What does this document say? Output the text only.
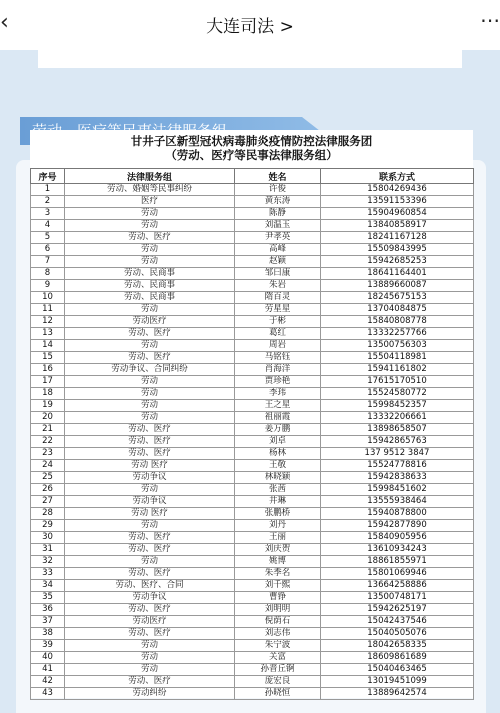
‹	大连司法 >	⋯
甘井子区新型冠状病毒肺炎疫情防控法律服务团
（劳动、医疗等民事法律服务组）
序号	法律服务组	姓名	联系方式
1	劳动、婚姻等民事纠纷	许俊	15804269436
2	医疗	黄东涛	13591153396
3	劳动	陈静	15904960854
4	劳动	刘温玉	13840858917
5	劳动、医疗	尹孝英	18241167128
6	劳动	高峰	15509843995
7	劳动	赵颖	15942685253
8	劳动、民商事	邹曰康	18641164401
9	劳动、民商事	朱岩	13889660087
10	劳动、民商事	隋百灵	18245675153
11	劳动	劳星星	13704084875
12	劳动医疗	于彬	15840808778
13	劳动、医疗	葛红	13332257766
14	劳动	周岩	13500756303
15	劳动、医疗	马铭钰	15504118981
16	劳动争议、合同纠纷	肖海洋	15941161802
17	劳动	贾珍艳	17615170510
18	劳动	李玮	15524580772
19	劳动	王之星	15998452357
20	劳动	祖丽霞	13332206661
21	劳动、医疗	姜万鹏	13898658507
22	劳动、医疗	刘卓	15942865763
23	劳动、医疗	杨林	137 9512 3847
24	劳动 医疗	王敬	15524778816
25	劳动争议	林晓颖	15942838633
26	劳动	张茜	15998451602
27	劳动争议	井琳	13555938464
28	劳动 医疗	张鹏桥	15940878800
29	劳动	刘丹	15942877890
30	劳动、医疗	王丽	15840905956
31	劳动、医疗	刘庆贺	13610934243
32	劳动	姚博	18861855971
33	劳动、医疗	朱季名	15801069946
34	劳动、医疗、合同	刘千熙	13664258886
35	劳动争议	曹铮	13500748171
36	劳动、医疗	刘明明	15942625197
37	劳动医疗	倪荫石	15042437546
38	劳动、医疗	刘志伟	15040505076
39	劳动	朱宁波	18042658335
40	劳动	关富	18609861689
41	劳动	孙晋丘锕	15040463465
42	劳动、医疗	庞宏良	13019451099
43	劳动纠纷	孙晓恒	13889642574
